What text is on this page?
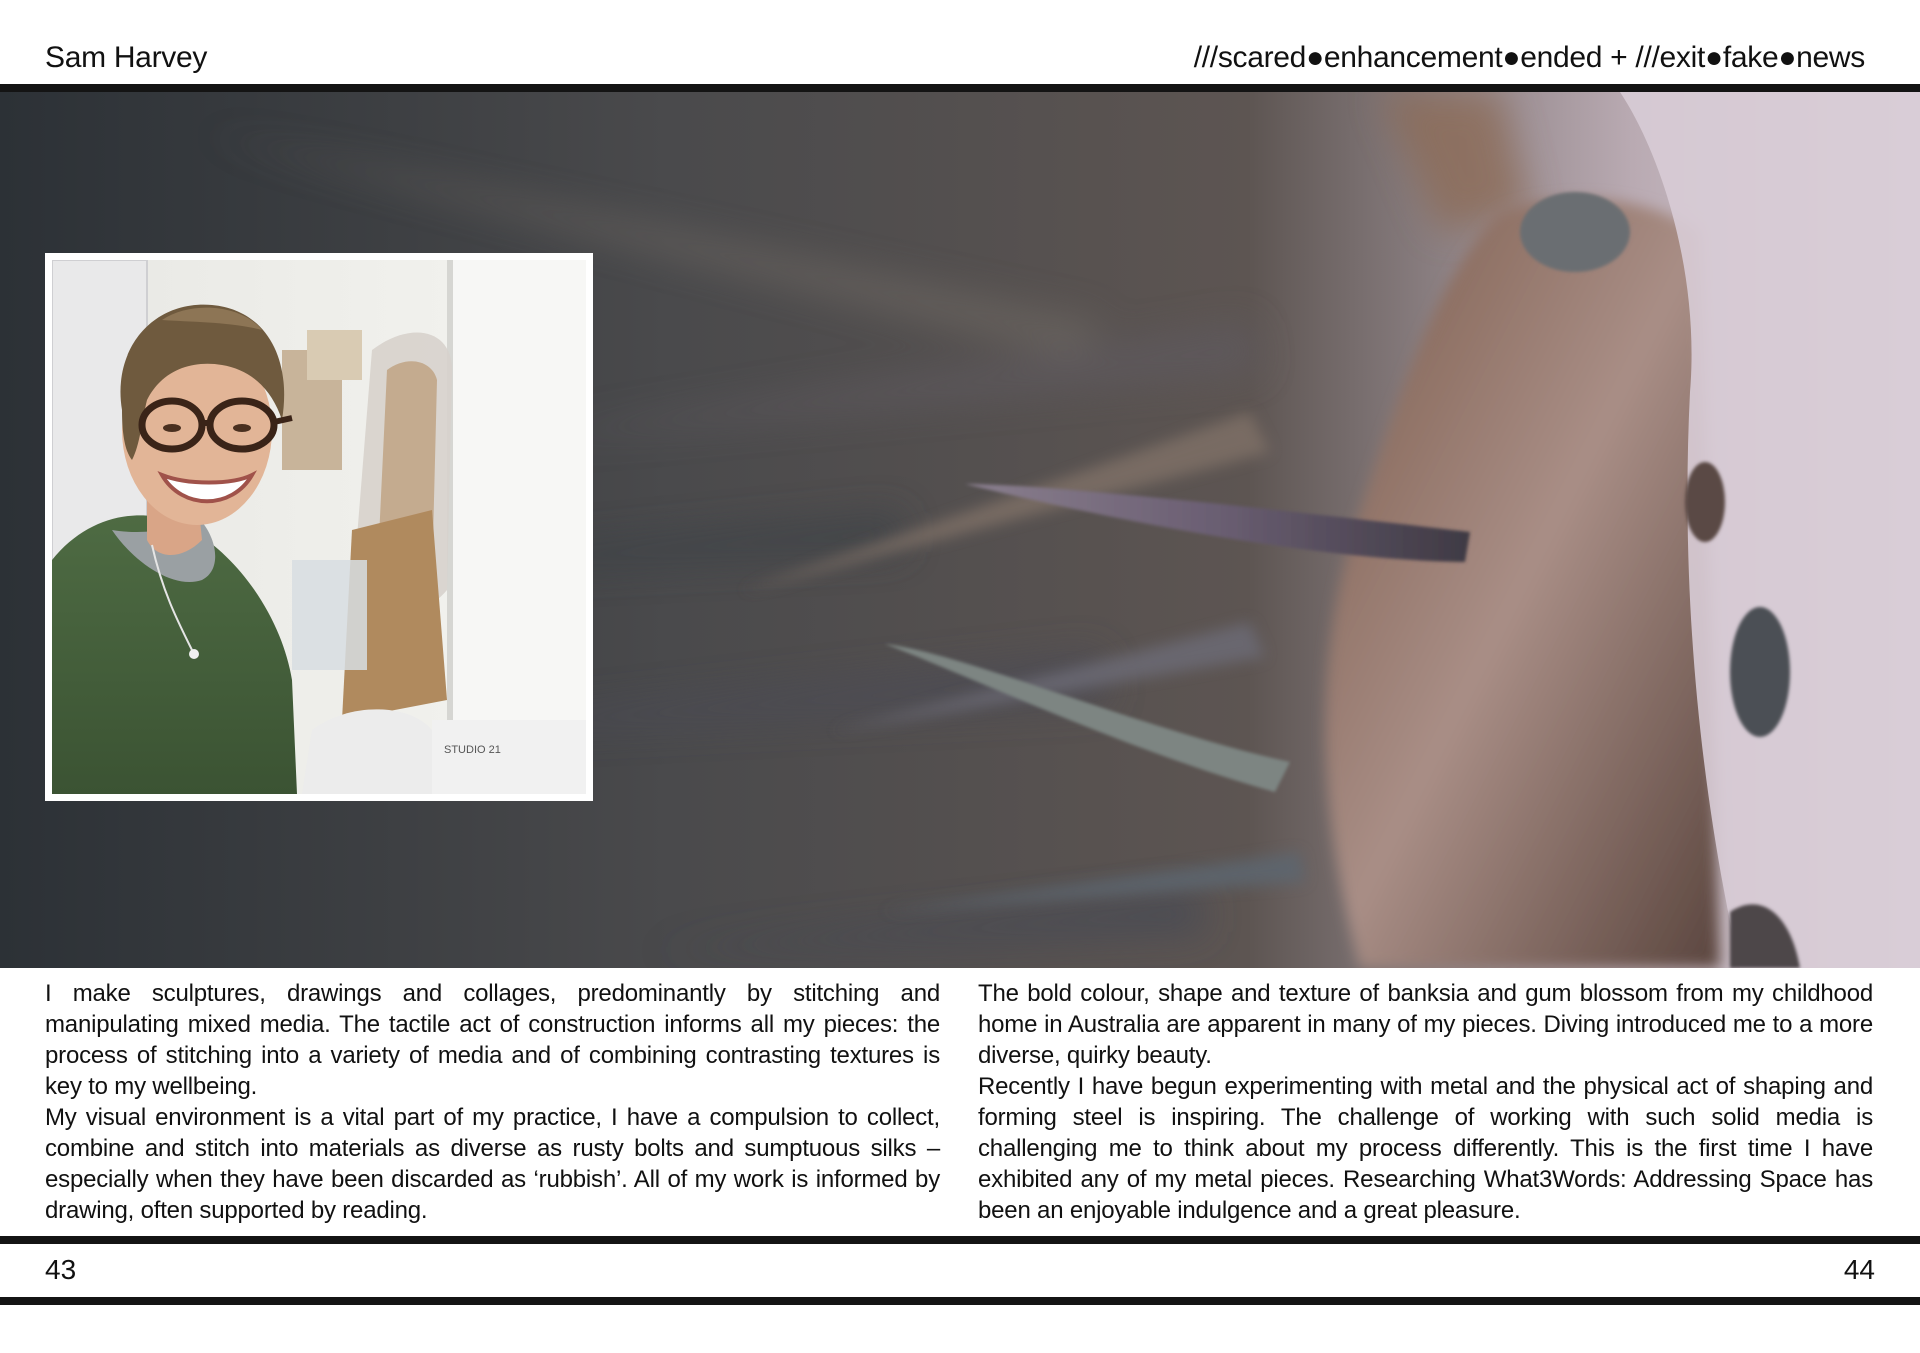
Sam Harvey	///scared●enhancement●ended + ///exit●fake●news
STUDIO 21

I make sculptures, drawings and collages, predominantly by stitching and manipulating mixed media. The tactile act of construction informs all my pieces: the process of stitching into a variety of media and of combining contrasting textures is key to my wellbeing.

My visual environment is a vital part of my practice, I have a compulsion to collect, combine and stitch into materials as diverse as rusty bolts and sumptuous silks – especially when they have been discarded as ‘rubbish’. All of my work is informed by drawing, often supported by reading.

The bold colour, shape and texture of banksia and gum blossom from my childhood home in Australia are apparent in many of my pieces. Diving introduced me to a more diverse, quirky beauty.

Recently I have begun experimenting with metal and the physical act of shaping and forming steel is inspiring. The challenge of working with such solid media is challenging me to think about my process differently. This is the first time I have exhibited any of my metal pieces. Researching What3Words: Addressing Space has been an enjoyable indulgence and a great pleasure.

43	44
